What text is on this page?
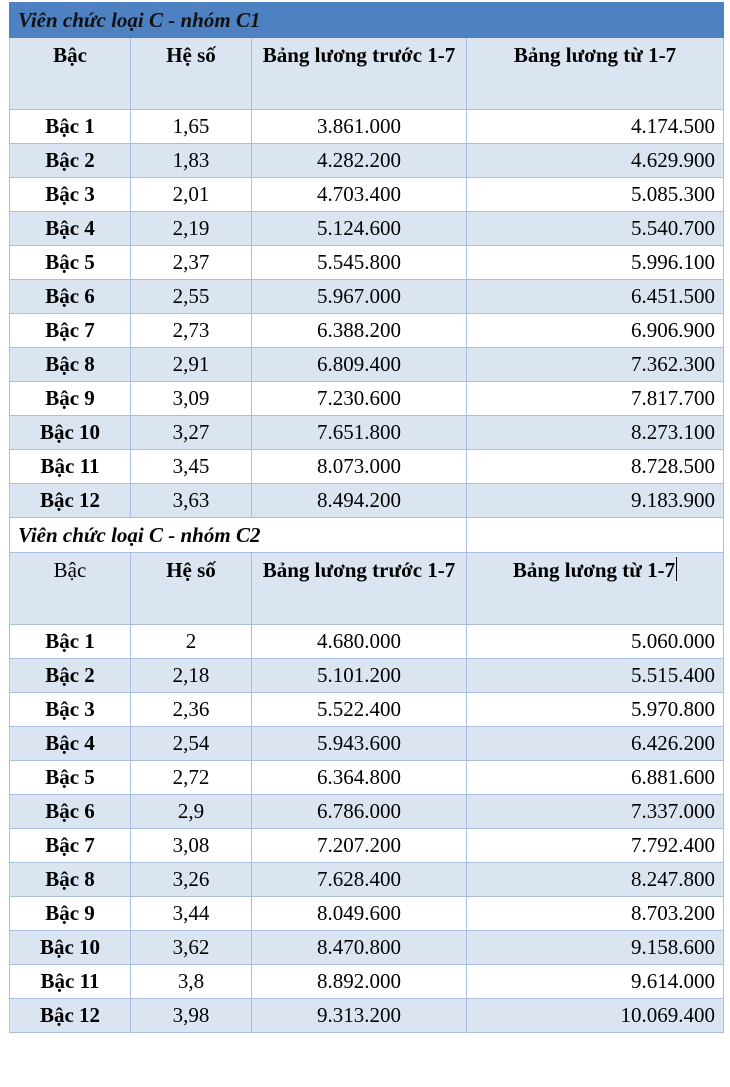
Viên chức loại C - nhóm C1			
Bậc	Hệ số	Bảng lương trước 1-7	Bảng lương từ 1-7
Bậc 1	1,65	3.861.000	4.174.500
Bậc 2	1,83	4.282.200	4.629.900
Bậc 3	2,01	4.703.400	5.085.300
Bậc 4	2,19	5.124.600	5.540.700
Bậc 5	2,37	5.545.800	5.996.100
Bậc 6	2,55	5.967.000	6.451.500
Bậc 7	2,73	6.388.200	6.906.900
Bậc 8	2,91	6.809.400	7.362.300
Bậc 9	3,09	7.230.600	7.817.700
Bậc 10	3,27	7.651.800	8.273.100
Bậc 11	3,45	8.073.000	8.728.500
Bậc 12	3,63	8.494.200	9.183.900
Viên chức loại C - nhóm C2			
Bậc	Hệ số	Bảng lương trước 1-7	Bảng lương từ 1-7
Bậc 1	2	4.680.000	5.060.000
Bậc 2	2,18	5.101.200	5.515.400
Bậc 3	2,36	5.522.400	5.970.800
Bậc 4	2,54	5.943.600	6.426.200
Bậc 5	2,72	6.364.800	6.881.600
Bậc 6	2,9	6.786.000	7.337.000
Bậc 7	3,08	7.207.200	7.792.400
Bậc 8	3,26	7.628.400	8.247.800
Bậc 9	3,44	8.049.600	8.703.200
Bậc 10	3,62	8.470.800	9.158.600
Bậc 11	3,8	8.892.000	9.614.000
Bậc 12	3,98	9.313.200	10.069.400
